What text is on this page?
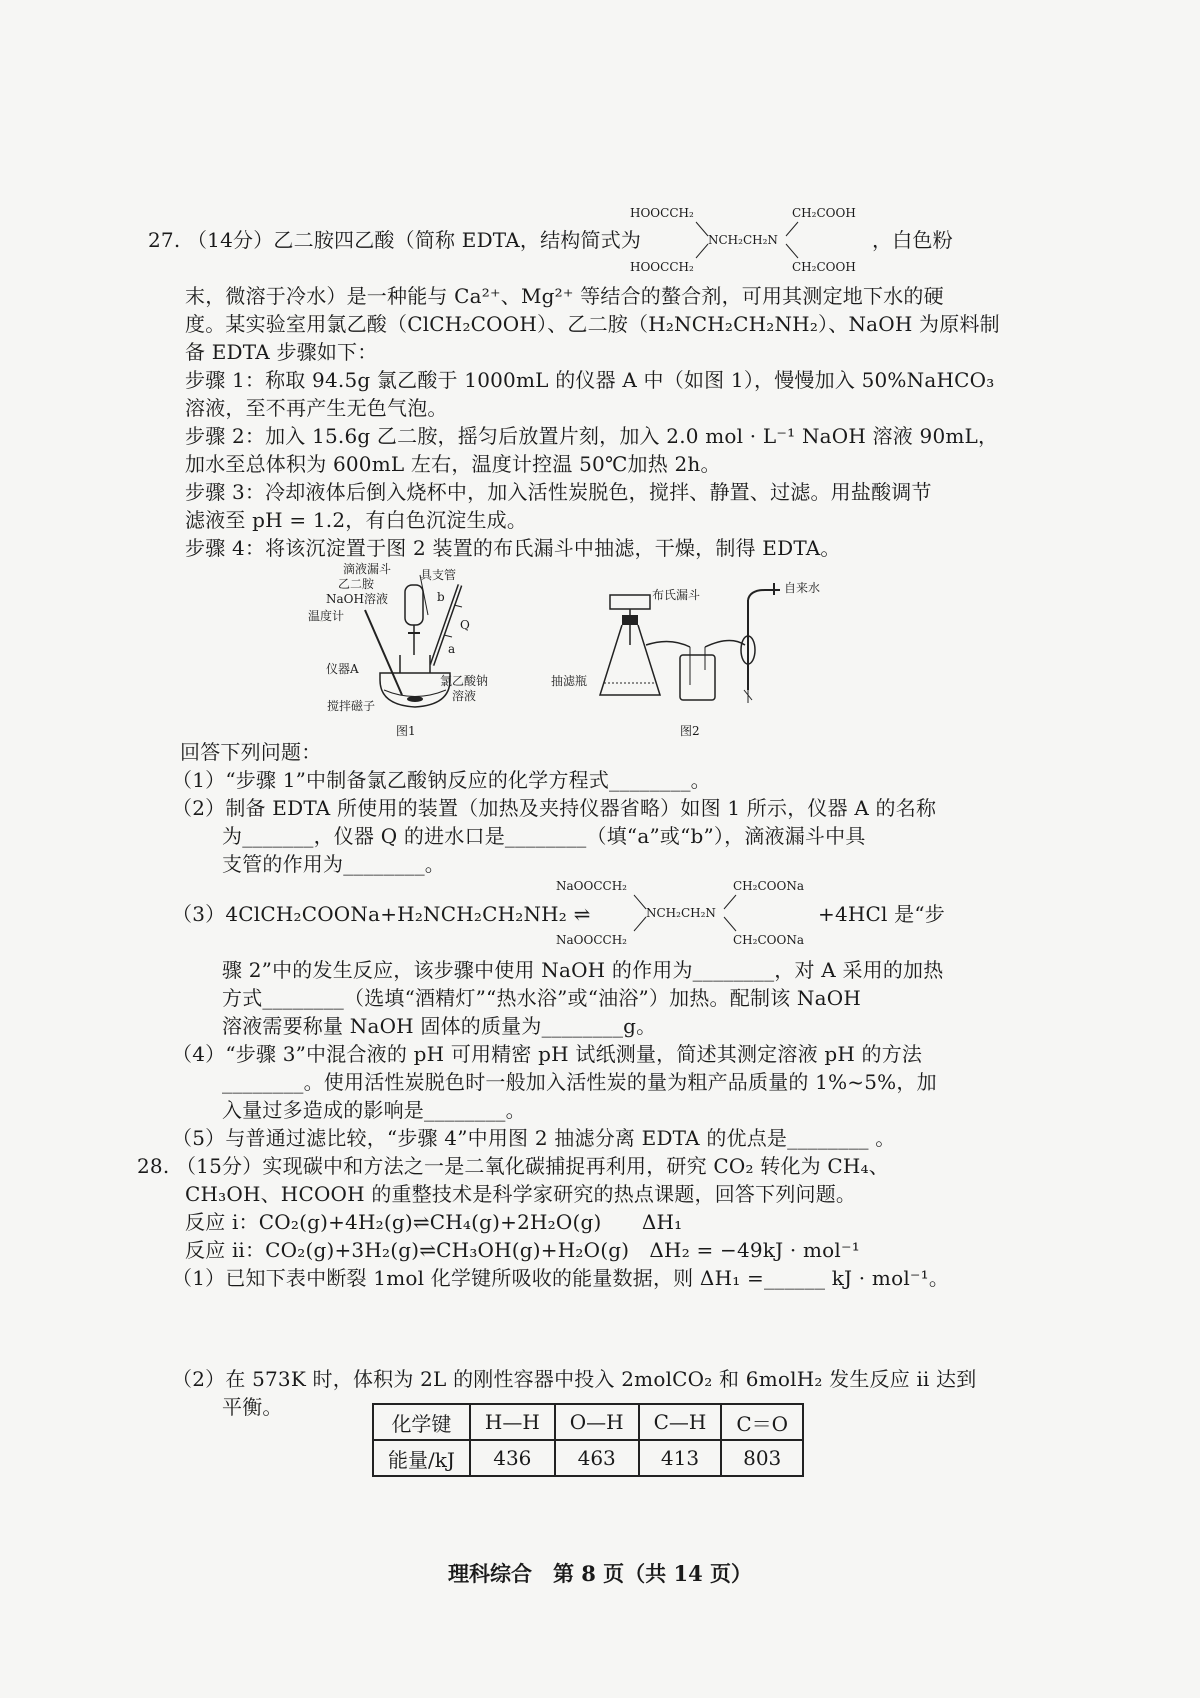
27. （14分）乙二胺四乙酸（简称 EDTA，结构简式为
HOOCCH₂	CH₂COOH
NCH₂CH₂N
HOOCCH₂	CH₂COOH
，白色粉
末，微溶于冷水）是一种能与 Ca²⁺、Mg²⁺ 等结合的螯合剂，可用其测定地下水的硬
度。某实验室用氯乙酸（ClCH₂COOH）、乙二胺（H₂NCH₂CH₂NH₂）、NaOH 为原料制
备 EDTA 步骤如下：
步骤 1：称取 94.5g 氯乙酸于 1000mL 的仪器 A 中（如图 1），慢慢加入 50%NaHCO₃
溶液，至不再产生无色气泡。
步骤 2：加入 15.6g 乙二胺，摇匀后放置片刻，加入 2.0 mol · L⁻¹ NaOH 溶液 90mL，
加水至总体积为 600mL 左右，温度计控温 50℃加热 2h。
步骤 3：冷却液体后倒入烧杯中，加入活性炭脱色，搅拌、静置、过滤。用盐酸调节
滤液至 pH = 1.2，有白色沉淀生成。
步骤 4：将该沉淀置于图 2 装置的布氏漏斗中抽滤，干燥，制得 EDTA。
滴液漏斗
乙二胺
NaOH溶液
具支管
b
温度计
Q
a
仪器A
氯乙酸钠
溶液
搅拌磁子
图1
布氏漏斗	自来水
抽滤瓶
图2
回答下列问题：
（1）“步骤 1”中制备氯乙酸钠反应的化学方程式________。
（2）制备 EDTA 所使用的装置（加热及夹持仪器省略）如图 1 所示，仪器 A 的名称
为_______，仪器 Q 的进水口是________（填“a”或“b”），滴液漏斗中具
支管的作用为________。
（3）4ClCH₂COONa+H₂NCH₂CH₂NH₂ ⇌
NaOOCCH₂	CH₂COONa
NCH₂CH₂N
NaOOCCH₂	CH₂COONa
+4HCl 是“步
骤 2”中的发生反应，该步骤中使用 NaOH 的作用为________，对 A 采用的加热
方式________（选填“酒精灯”“热水浴”或“油浴”）加热。配制该 NaOH
溶液需要称量 NaOH 固体的质量为________g。
（4）“步骤 3”中混合液的 pH 可用精密 pH 试纸测量，简述其测定溶液 pH 的方法
________。使用活性炭脱色时一般加入活性炭的量为粗产品质量的 1%~5%，加
入量过多造成的影响是________。
（5）与普通过滤比较，“步骤 4”中用图 2 抽滤分离 EDTA 的优点是________ 。
28. （15分）实现碳中和方法之一是二氧化碳捕捉再利用，研究 CO₂ 转化为 CH₄、
CH₃OH、HCOOH 的重整技术是科学家研究的热点课题，回答下列问题。
反应 ⅰ：CO₂(g)+4H₂(g)⇌CH₄(g)+2H₂O(g)　　ΔH₁
反应 ⅱ：CO₂(g)+3H₂(g)⇌CH₃OH(g)+H₂O(g)　ΔH₂ = −49kJ · mol⁻¹
（1）已知下表中断裂 1mol 化学键所吸收的能量数据，则 ΔH₁ =______ kJ · mol⁻¹。
化学键	H—H	O—H	C—H	C＝O
能量/kJ	436	463	413	803
（2）在 573K 时，体积为 2L 的刚性容器中投入 2molCO₂ 和 6molH₂ 发生反应 ⅱ 达到
平衡。
理科综合　第 8 页（共 14 页）
